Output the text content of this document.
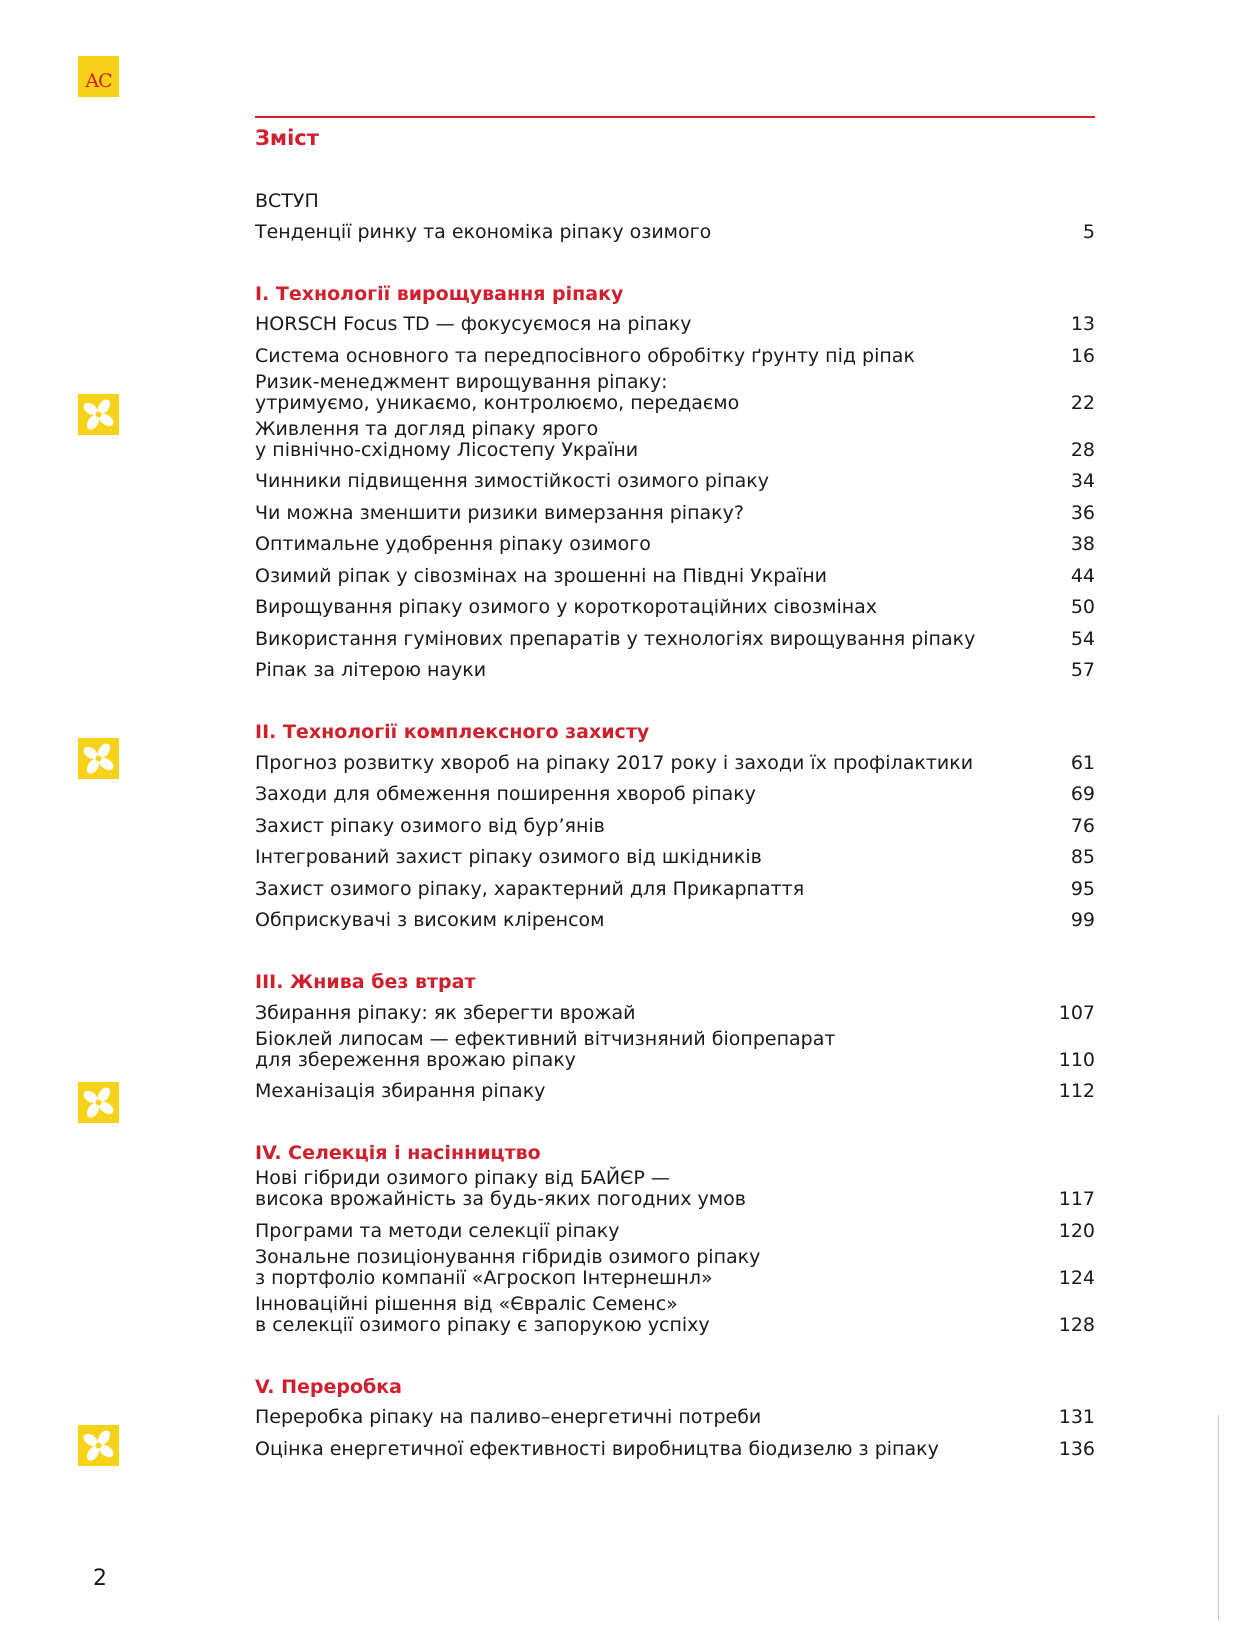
AC
Зміст
ВСТУП
Тенденції ринку та економіка ріпаку озимого	5
І. Технології вирощування ріпаку
HORSCH Focus TD — фокусуємося на ріпаку	13
Система основного та передпосівного обробітку ґрунту під ріпак	16
Ризик-менеджмент вирощування ріпаку:
утримуємо, уникаємо, контролюємо, передаємо	22
Живлення та догляд ріпаку ярого
у північно-східному Лісостепу України	28
Чинники підвищення зимостійкості озимого ріпаку	34
Чи можна зменшити ризики вимерзання ріпаку?	36
Оптимальне удобрення ріпаку озимого	38
Озимий ріпак у сівозмінах на зрошенні на Півдні України	44
Вирощування ріпаку озимого у короткоротаційних сівозмінах	50
Використання гумінових препаратів у технологіях вирощування ріпаку	54
Ріпак за літерою науки	57
ІІ. Технології комплексного захисту
Прогноз розвитку хвороб на ріпаку 2017 року і заходи їх профілактики	61
Заходи для обмеження поширення хвороб ріпаку	69
Захист ріпаку озимого від бур’янів	76
Інтегрований захист ріпаку озимого від шкідників	85
Захист озимого ріпаку, характерний для Прикарпаття	95
Обприскувачі з високим кліренсом	99
ІІІ. Жнива без втрат
Збирання ріпаку: як зберегти врожай	107
Біоклей липосам — ефективний вітчизняний біопрепарат
для збереження врожаю ріпаку	110
Механізація збирання ріпаку	112
IV. Селекція і насінництво
Нові гібриди озимого ріпаку від БАЙЄР —
висока врожайність за будь-яких погодних умов	117
Програми та методи селекції ріпаку	120
Зональне позиціонування гібридів озимого ріпаку
з портфоліо компанії «Агроскоп Інтернешнл»	124
Інноваційні рішення від «Євраліс Семенс»
в селекції озимого ріпаку є запорукою успіху	128
V. Переробка
Переробка ріпаку на паливо–енергетичні потреби	131
Оцінка енергетичної ефективності виробництва біодизелю з ріпаку	136
2
